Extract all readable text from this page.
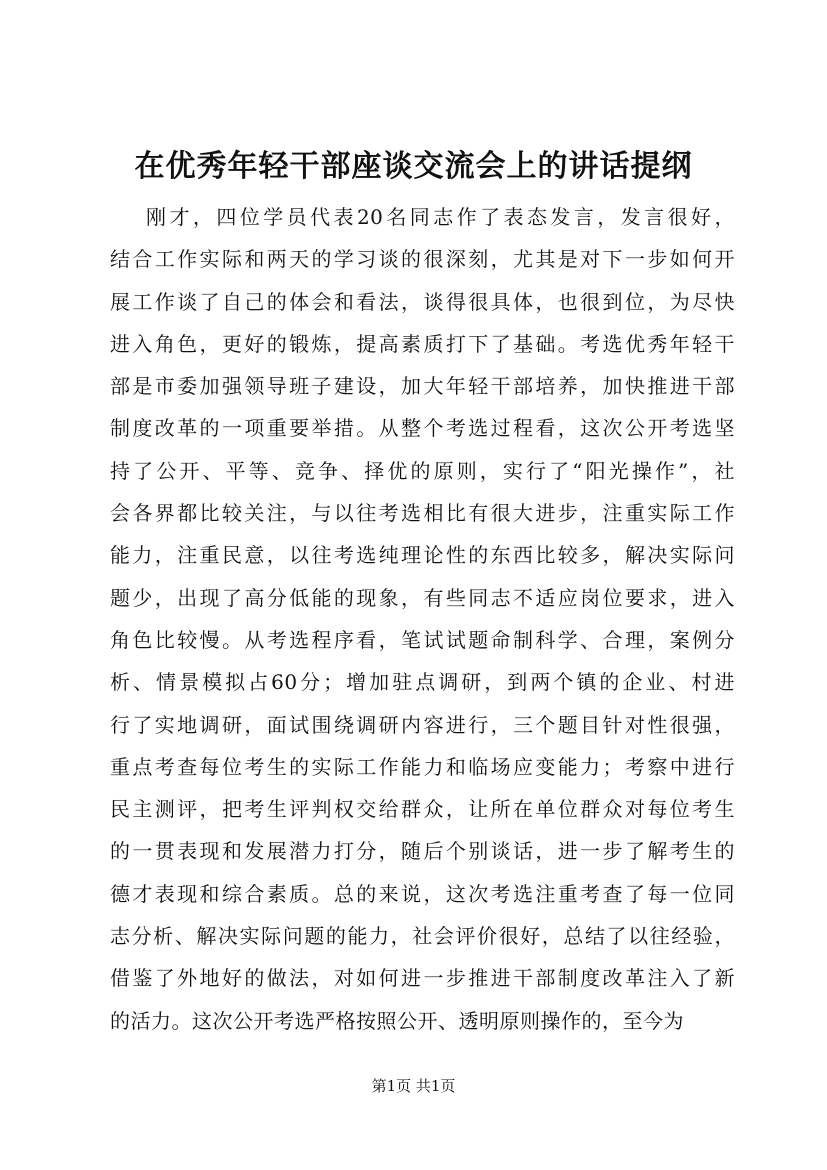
在优秀年轻干部座谈交流会上的讲话提纲
刚才，四位学员代表20名同志作了表态发言，发言很好，
结合工作实际和两天的学习谈的很深刻，尤其是对下一步如何开
展工作谈了自己的体会和看法，谈得很具体，也很到位，为尽快
进入角色，更好的锻炼，提高素质打下了基础。考选优秀年轻干
部是市委加强领导班子建设，加大年轻干部培养，加快推进干部
制度改革的一项重要举措。从整个考选过程看，这次公开考选坚
持了公开、平等、竞争、择优的原则，实行了“阳光操作”，社
会各界都比较关注，与以往考选相比有很大进步，注重实际工作
能力，注重民意，以往考选纯理论性的东西比较多，解决实际问
题少，出现了高分低能的现象，有些同志不适应岗位要求，进入
角色比较慢。从考选程序看，笔试试题命制科学、合理，案例分
析、情景模拟占60分；增加驻点调研，到两个镇的企业、村进
行了实地调研，面试围绕调研内容进行，三个题目针对性很强，
重点考查每位考生的实际工作能力和临场应变能力；考察中进行
民主测评，把考生评判权交给群众，让所在单位群众对每位考生
的一贯表现和发展潜力打分，随后个别谈话，进一步了解考生的
德才表现和综合素质。总的来说，这次考选注重考查了每一位同
志分析、解决实际问题的能力，社会评价很好，总结了以往经验，
借鉴了外地好的做法，对如何进一步推进干部制度改革注入了新
的活力。这次公开考选严格按照公开、透明原则操作的，至今为
第1页 共1页
